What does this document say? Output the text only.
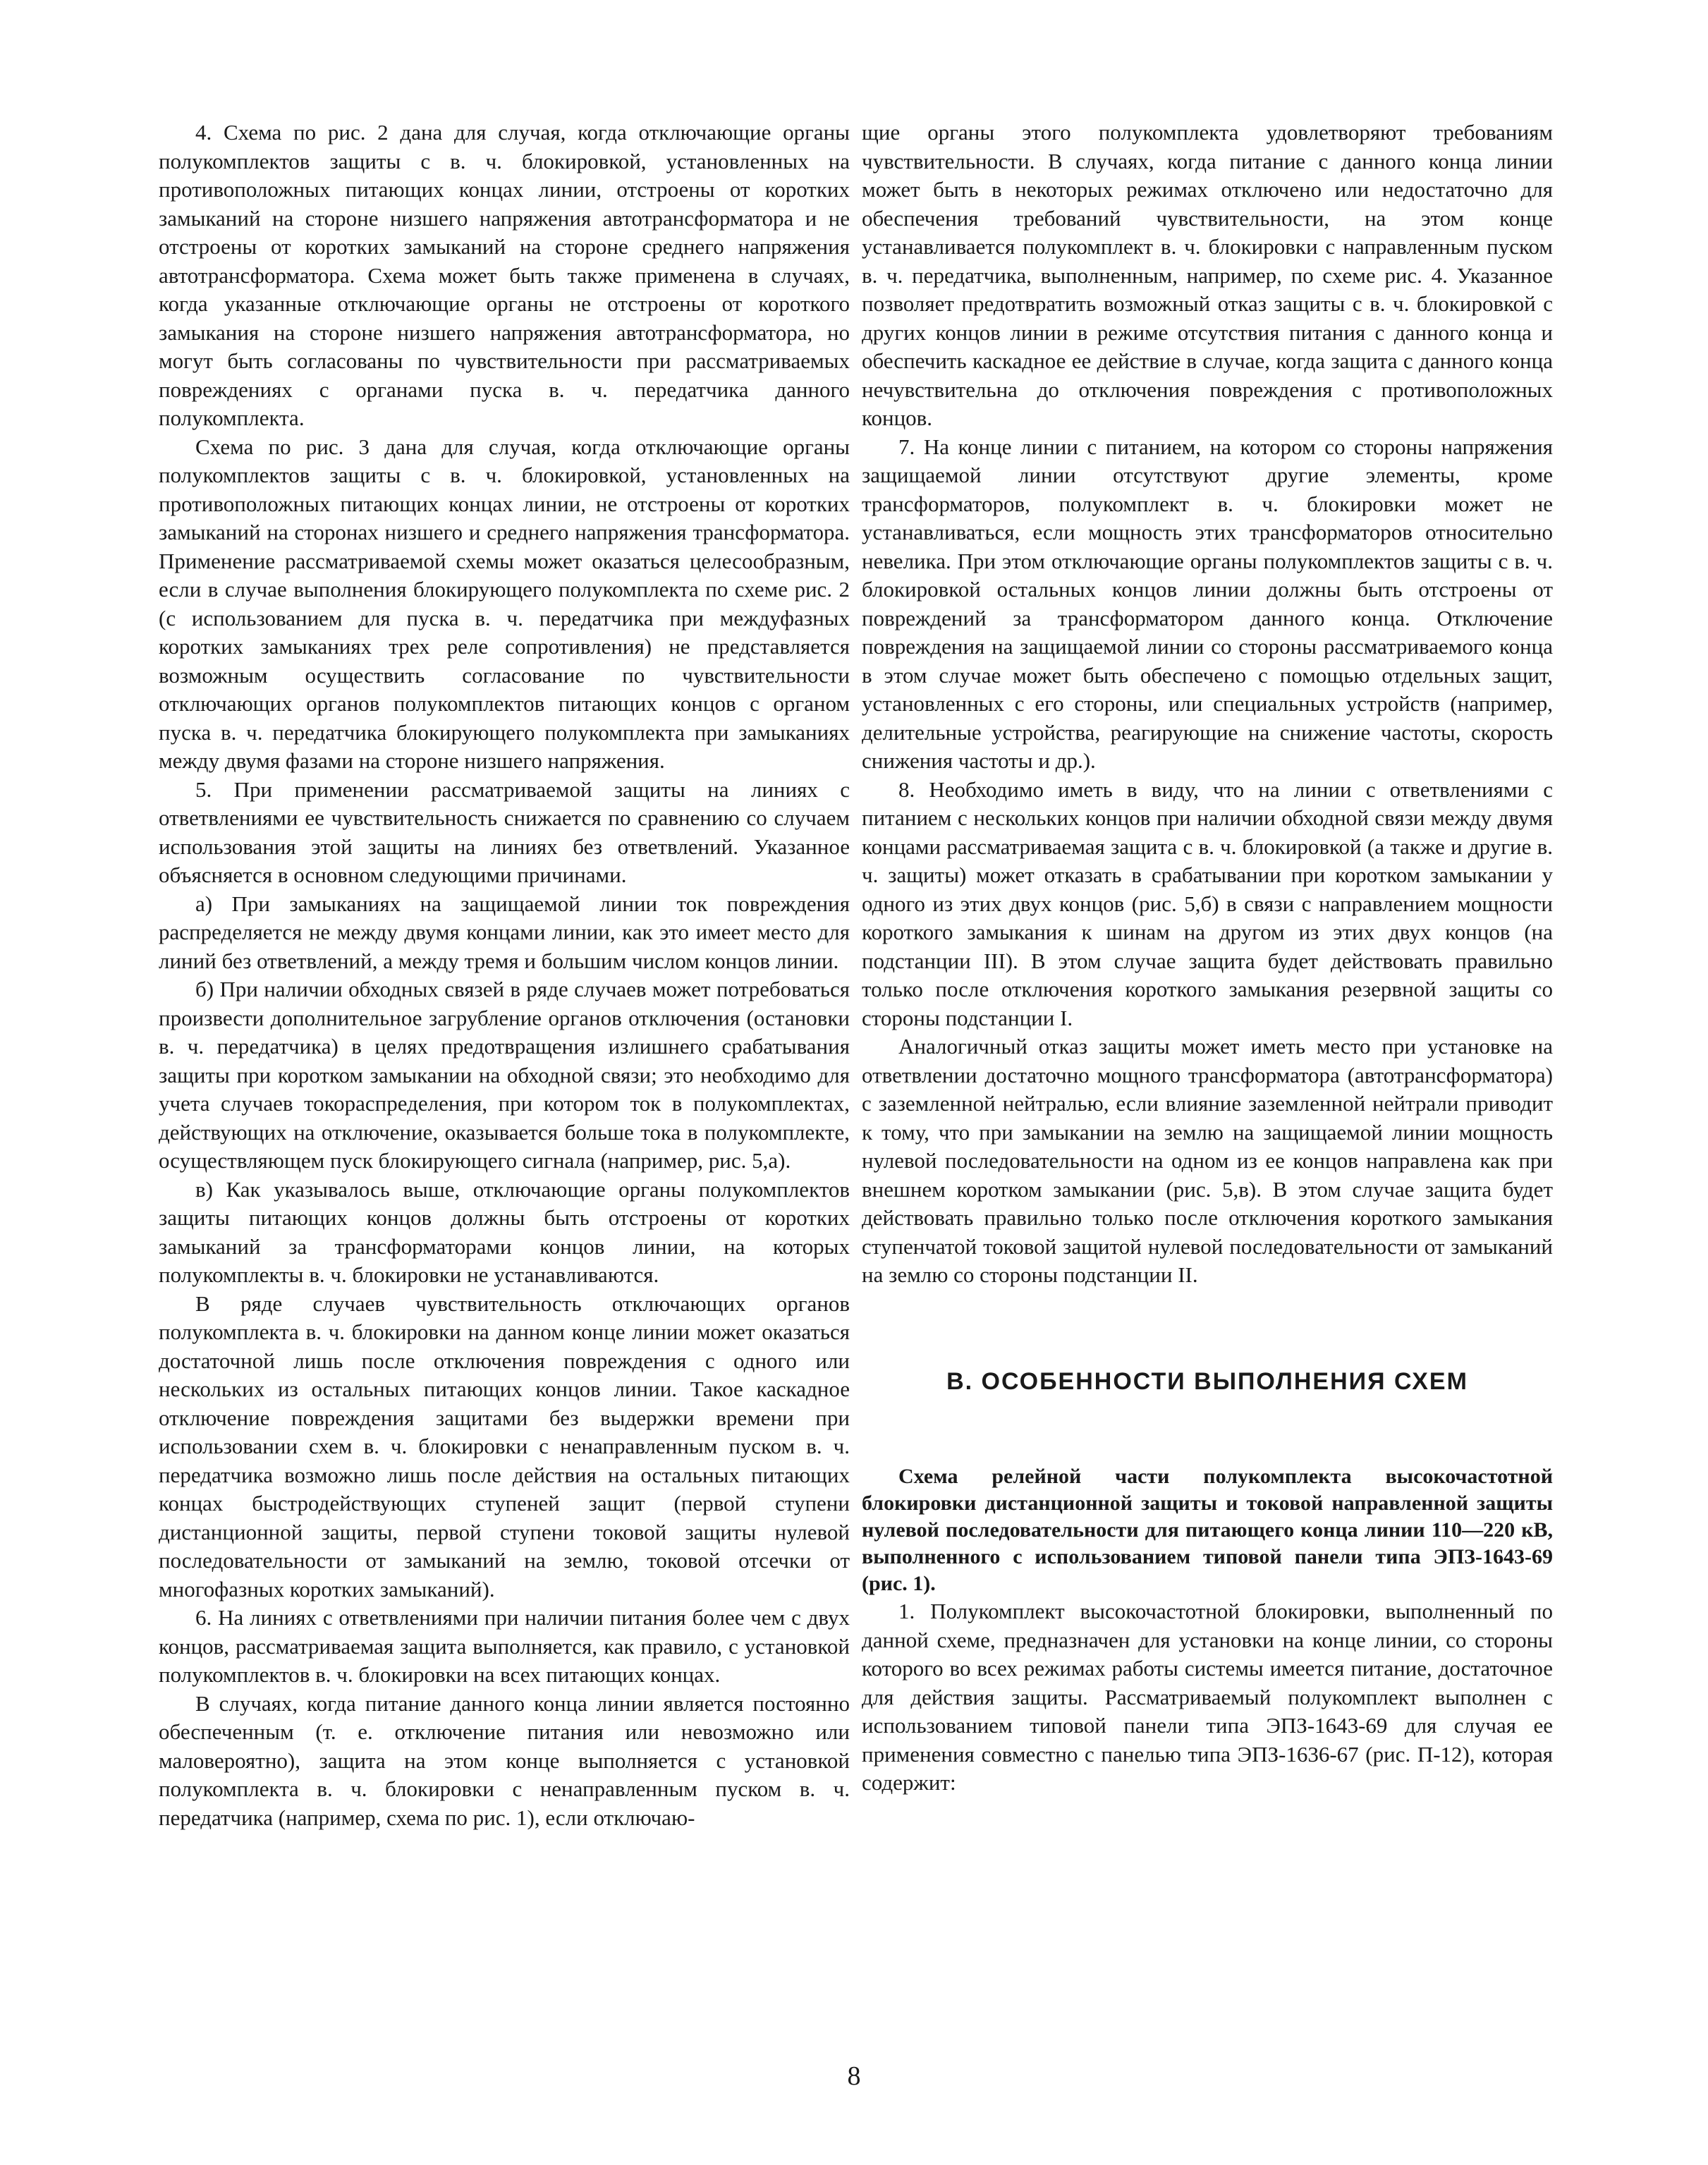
4. Схема по рис. 2 дана для случая, когда отключающие органы полукомплектов защиты с в. ч. блокировкой, установленных на противоположных питающих концах линии, отстроены от коротких замыканий на стороне низшего напряжения автотрансформатора и не отстроены от коротких замыканий на стороне среднего напряжения автотрансформатора. Схема может быть также применена в случаях, когда указанные отключающие органы не отстроены от короткого замыкания на стороне низшего напряжения автотрансформатора, но могут быть согласованы по чувствительности при рассматриваемых повреждениях с органами пуска в. ч. передатчика данного полукомплекта.

Схема по рис. 3 дана для случая, когда отключающие органы полукомплектов защиты с в. ч. блокировкой, установленных на противоположных питающих концах линии, не отстроены от коротких замыканий на сторонах низшего и среднего напряжения трансформатора. Применение рассматриваемой схемы может оказаться целесообразным, если в случае выполнения блокирующего полукомплекта по схеме рис. 2 (с использованием для пуска в. ч. передатчика при междуфазных коротких замыканиях трех реле сопротивления) не представляется возможным осуществить согласование по чувствительности отключающих органов полукомплектов питающих концов с органом пуска в. ч. передатчика блокирующего полукомплекта при замыканиях между двумя фазами на стороне низшего напряжения.

5. При применении рассматриваемой защиты на линиях с ответвлениями ее чувствительность снижается по сравнению со случаем использования этой защиты на линиях без ответвлений. Указанное объясняется в основном следующими причинами.

а) При замыканиях на защищаемой линии ток повреждения распределяется не между двумя концами линии, как это имеет место для линий без ответвлений, а между тремя и большим числом концов линии.

б) При наличии обходных связей в ряде случаев может потребоваться произвести дополнительное загрубление органов отключения (остановки в. ч. передатчика) в целях предотвращения излишнего срабатывания защиты при коротком замыкании на обходной связи; это необходимо для учета случаев токораспределения, при котором ток в полукомплектах, действующих на отключение, оказывается больше тока в полукомплекте, осуществляющем пуск блокирующего сигнала (например, рис. 5,а).

в) Как указывалось выше, отключающие органы полукомплектов защиты питающих концов должны быть отстроены от коротких замыканий за трансформаторами концов линии, на которых полукомплекты в. ч. блокировки не устанавливаются.

В ряде случаев чувствительность отключающих органов полукомплекта в. ч. блокировки на данном конце линии может оказаться достаточной лишь после отключения повреждения с одного или нескольких из остальных питающих концов линии. Такое каскадное отключение повреждения защитами без выдержки времени при использовании схем в. ч. блокировки с ненаправленным пуском в. ч. передатчика возможно лишь после действия на остальных питающих концах быстродействующих ступеней защит (первой ступени дистанционной защиты, первой ступени токовой защиты нулевой последовательности от замыканий на землю, токовой отсечки от многофазных коротких замыканий).

6. На линиях с ответвлениями при наличии питания более чем с двух концов, рассматриваемая защита выполняется, как правило, с установкой полукомплектов в. ч. блокировки на всех питающих концах.

В случаях, когда питание данного конца линии является постоянно обеспеченным (т. е. отключение питания или невозможно или маловероятно), защита на этом конце выполняется с установкой полукомплекта в. ч. блокировки с ненаправленным пуском в. ч. передатчика (например, схема по рис. 1), если отключаю-

щие органы этого полукомплекта удовлетворяют требованиям чувствительности. В случаях, когда питание с данного конца линии может быть в некоторых режимах отключено или недостаточно для обеспечения требований чувствительности, на этом конце устанавливается полукомплект в. ч. блокировки с направленным пуском в. ч. передатчика, выполненным, например, по схеме рис. 4. Указанное позволяет предотвратить возможный отказ защиты с в. ч. блокировкой с других концов линии в режиме отсутствия питания с данного конца и обеспечить каскадное ее действие в случае, когда защита с данного конца нечувствительна до отключения повреждения с противоположных концов.

7. На конце линии с питанием, на котором со стороны напряжения защищаемой линии отсутствуют другие элементы, кроме трансформаторов, полукомплект в. ч. блокировки может не устанавливаться, если мощность этих трансформаторов относительно невелика. При этом отключающие органы полукомплектов защиты с в. ч. блокировкой остальных концов линии должны быть отстроены от повреждений за трансформатором данного конца. Отключение повреждения на защищаемой линии со стороны рассматриваемого конца в этом случае может быть обеспечено с помощью отдельных защит, установленных с его стороны, или специальных устройств (например, делительные устройства, реагирующие на снижение частоты, скорость снижения частоты и др.).

8. Необходимо иметь в виду, что на линии с ответвлениями с питанием с нескольких концов при наличии обходной связи между двумя концами рассматриваемая защита с в. ч. блокировкой (а также и другие в. ч. защиты) может отказать в срабатывании при коротком замыкании у одного из этих двух концов (рис. 5,б) в связи с направлением мощности короткого замыкания к шинам на другом из этих двух концов (на подстанции III). В этом случае защита будет действовать правильно только после отключения короткого замыкания резервной защиты со стороны подстанции I.

Аналогичный отказ защиты может иметь место при установке на ответвлении достаточно мощного трансформатора (автотрансформатора) с заземленной нейтралью, если влияние заземленной нейтрали приводит к тому, что при замыкании на землю на защищаемой линии мощность нулевой последовательности на одном из ее концов направлена как при внешнем коротком замыкании (рис. 5,в). В этом случае защита будет действовать правильно только после отключения короткого замыкания ступенчатой токовой защитой нулевой последовательности от замыканий на землю со стороны подстанции II.

В. ОСОБЕННОСТИ ВЫПОЛНЕНИЯ СХЕМ

Схема релейной части полукомплекта высокочастотной блокировки дистанционной защиты и токовой направленной защиты нулевой последовательности для питающего конца линии 110—220 кВ, выполненного с использованием типовой панели типа ЭПЗ-1643-69 (рис. 1).

1. Полукомплект высокочастотной блокировки, выполненный по данной схеме, предназначен для установки на конце линии, со стороны которого во всех режимах работы системы имеется питание, достаточное для действия защиты. Рассматриваемый полукомплект выполнен с использованием типовой панели типа ЭПЗ-1643-69 для случая ее применения совместно с панелью типа ЭПЗ-1636-67 (рис. П-12), которая содержит:

8
